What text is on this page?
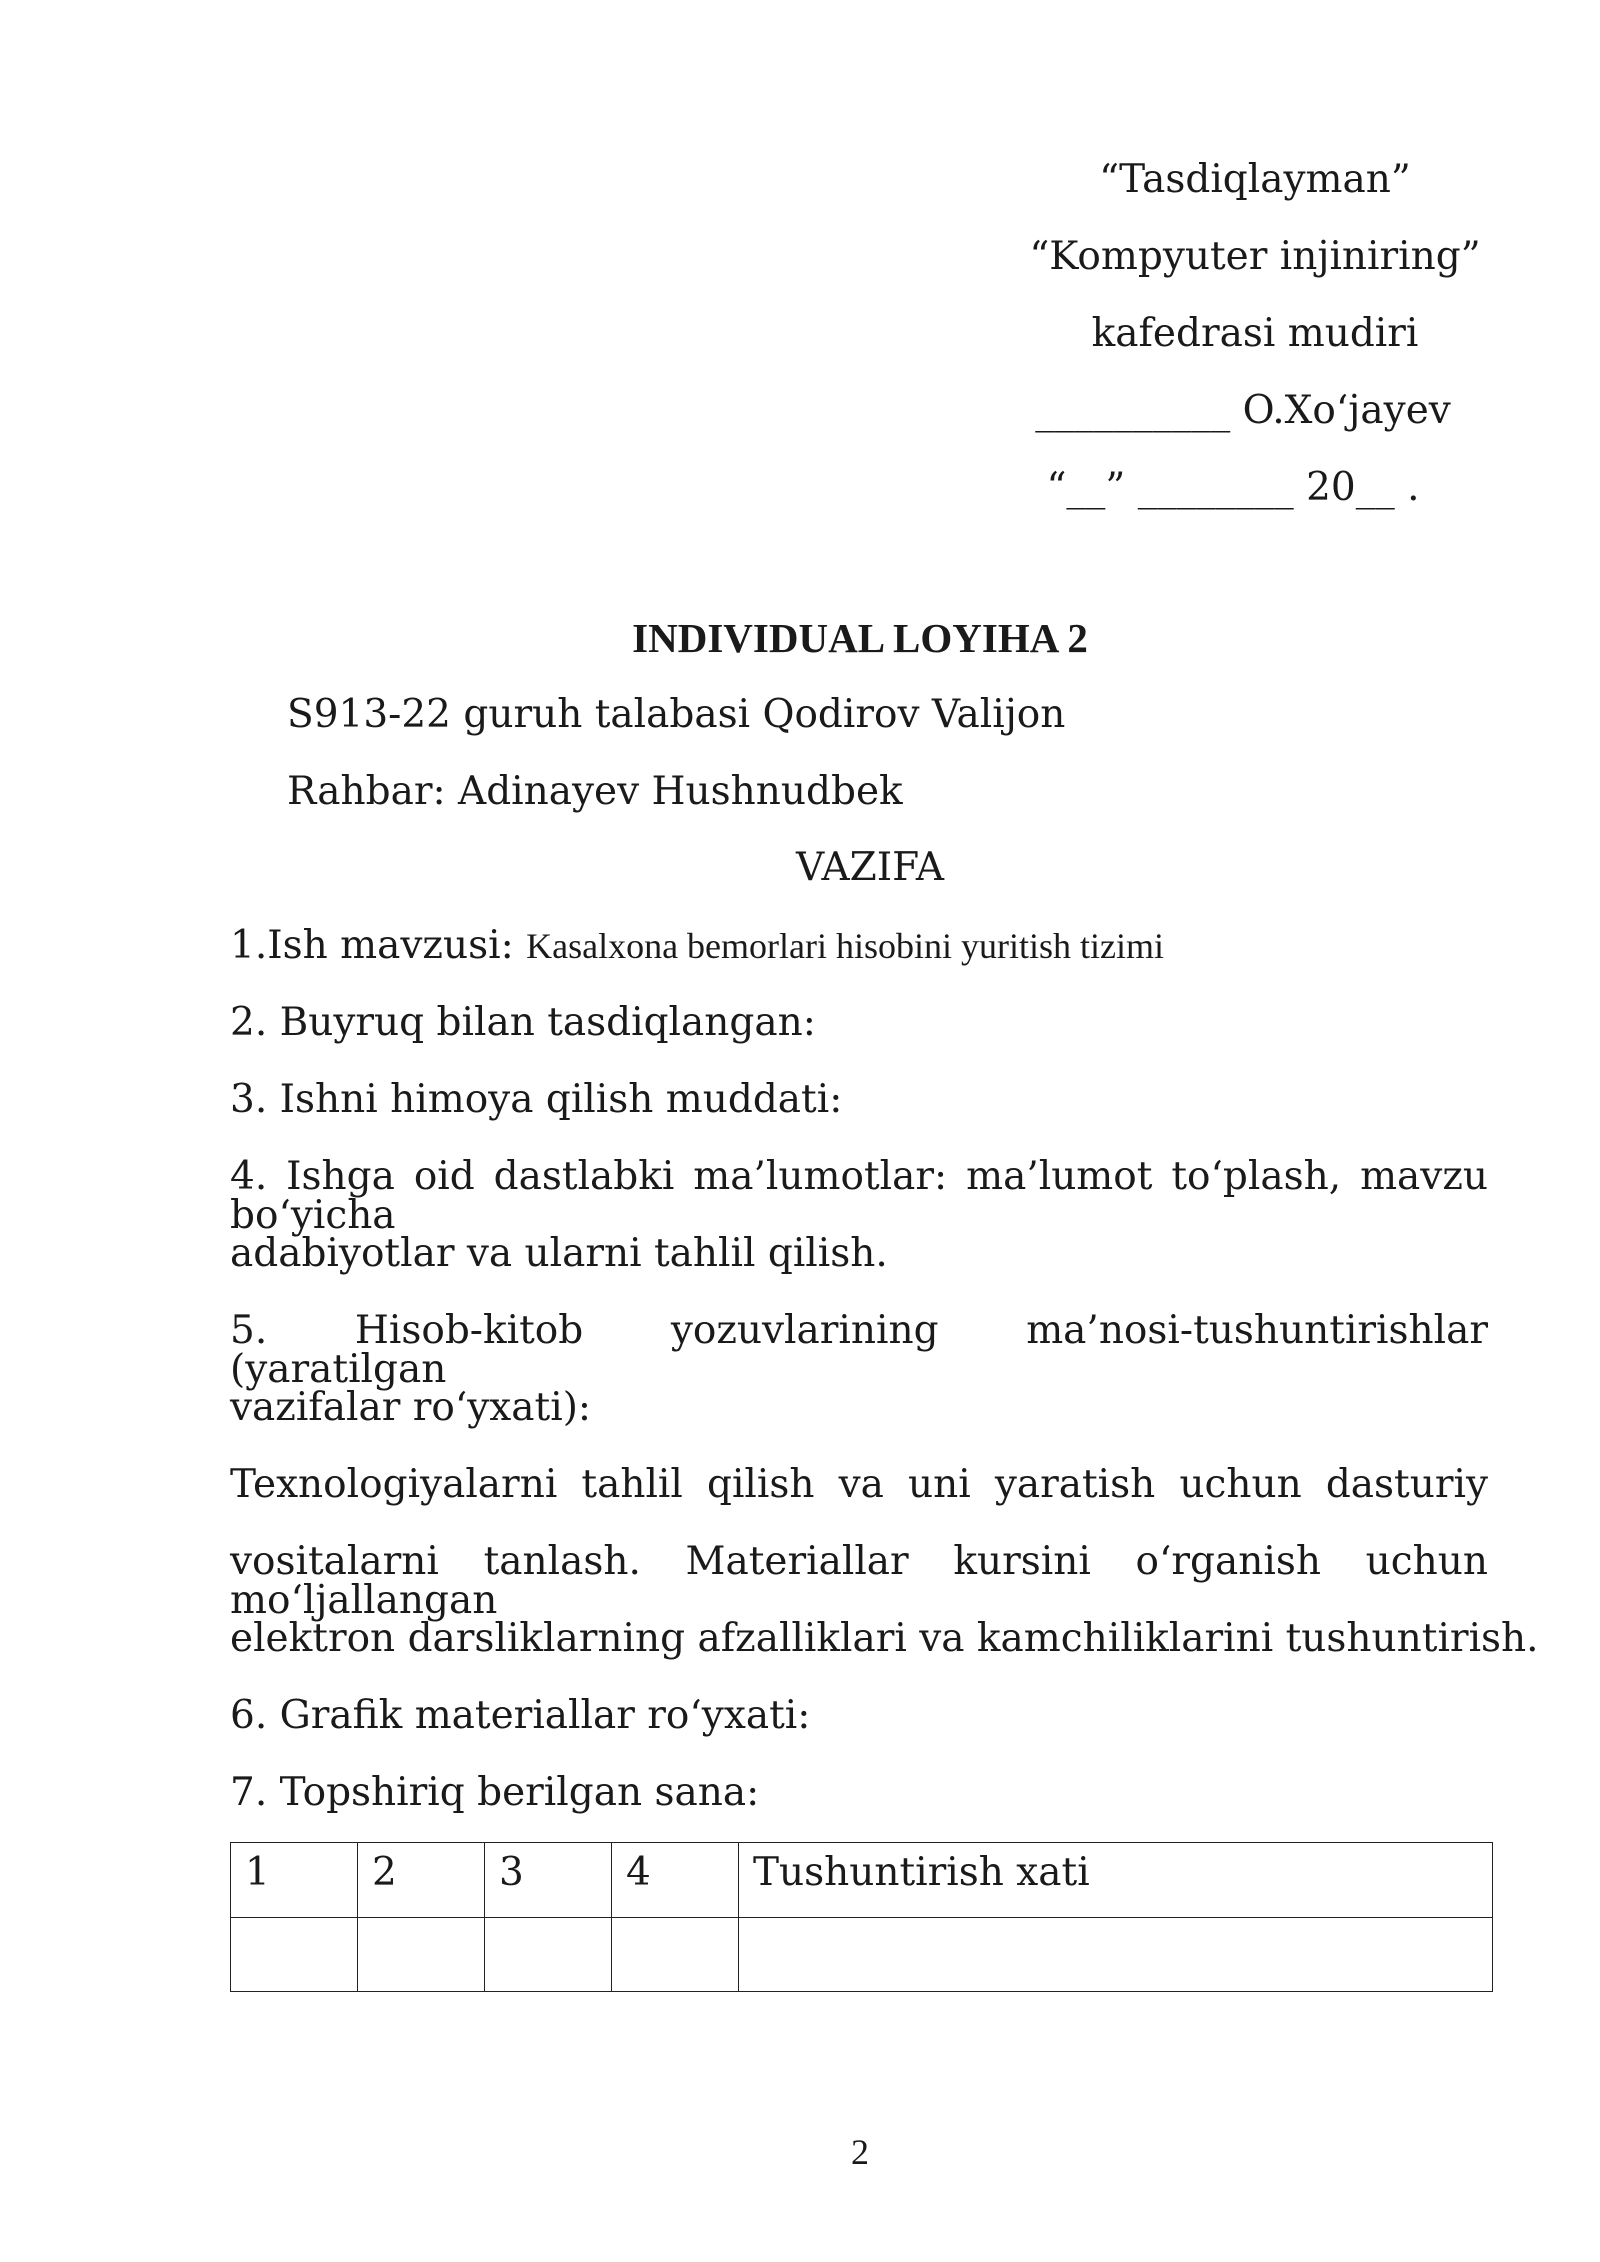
“Tasdiqlayman”
“Kompyuter injiniring”
kafedrasi mudiri
__________ O.Xo‘jayev
“__” ________ 20__ .
INDIVIDUAL LOYIHA 2
S913-22 guruh talabasi Qodirov Valijon
Rahbar: Adinayev Hushnudbek
VAZIFA
1.Ish mavzusi: Kasalxona bemorlari hisobini yuritish tizimi
2. Buyruq bilan tasdiqlangan:
3. Ishni himoya qilish muddati:
4. Ishga oid dastlabki ma’lumotlar: ma’lumot to‘plash, mavzu bo‘yicha
adabiyotlar va ularni tahlil qilish.
5. Hisob-kitob yozuvlarining ma’nosi-tushuntirishlar (yaratilgan
vazifalar ro‘yxati):
Texnologiyalarni tahlil qilish va uni yaratish uchun dasturiy
vositalarni tanlash. Materiallar kursini o‘rganish uchun mo‘ljallangan
elektron darsliklarning afzalliklari va kamchiliklarini tushuntirish.
6. Grafik materiallar ro‘yxati:
7. Topshiriq berilgan sana:
1	2	3	4	Tushuntirish xati

2
